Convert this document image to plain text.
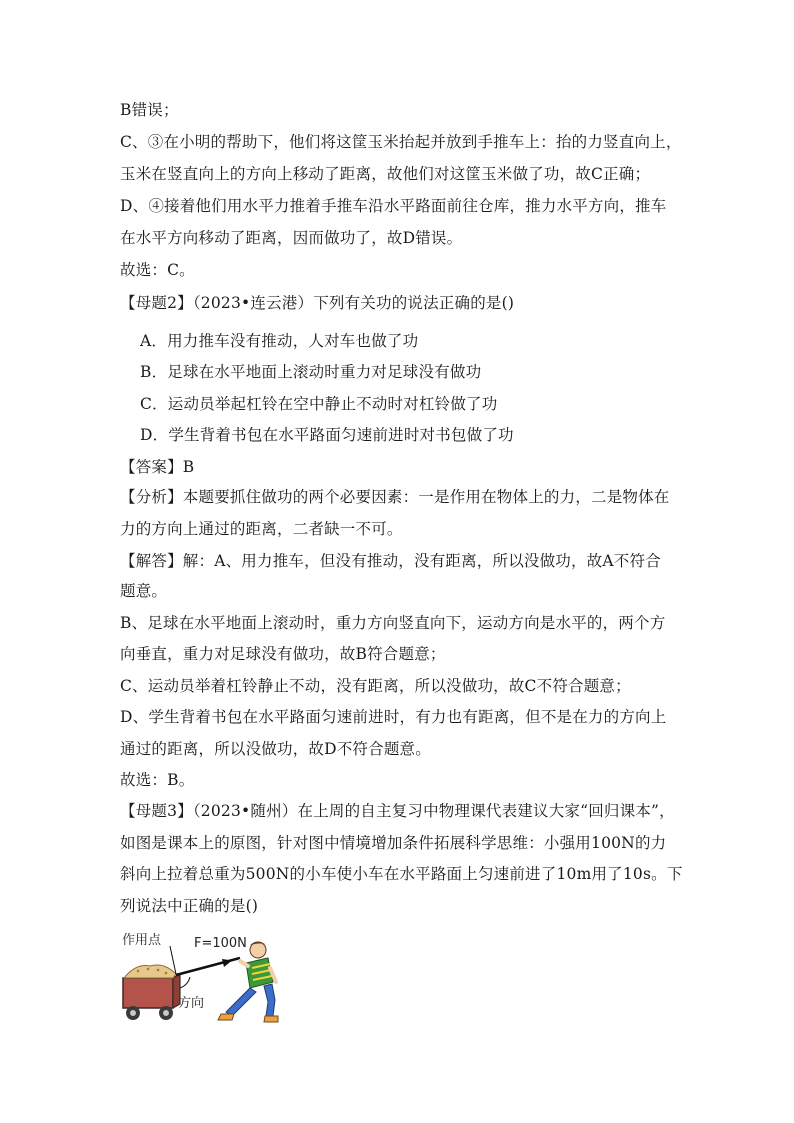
B错误；
C、③在小明的帮助下，他们将这筐玉米抬起并放到手推车上：抬的力竖直向上，
玉米在竖直向上的方向上移动了距离，故他们对这筐玉米做了功，故C正确；
D、④接着他们用水平力推着手推车沿水平路面前往仓库，推力水平方向，推车
在水平方向移动了距离，因而做功了，故D错误。
故选：C。
【母题2】（2023•连云港）下列有关功的说法正确的是()
A．用力推车没有推动，人对车也做了功
B．足球在水平地面上滚动时重力对足球没有做功
C．运动员举起杠铃在空中静止不动时对杠铃做了功
D．学生背着书包在水平路面匀速前进时对书包做了功
【答案】B
【分析】本题要抓住做功的两个必要因素：一是作用在物体上的力，二是物体在
力的方向上通过的距离，二者缺一不可。
【解答】解：A、用力推车，但没有推动，没有距离，所以没做功，故A不符合
题意。
B、足球在水平地面上滚动时，重力方向竖直向下，运动方向是水平的，两个方
向垂直，重力对足球没有做功，故B符合题意；
C、运动员举着杠铃静止不动，没有距离，所以没做功，故C不符合题意；
D、学生背着书包在水平路面匀速前进时，有力也有距离，但不是在力的方向上
通过的距离，所以没做功，故D不符合题意。
故选：B。
【母题3】（2023•随州）在上周的自主复习中物理课代表建议大家“回归课本”，
如图是课本上的原图，针对图中情境增加条件拓展科学思维：小强用100N的力
斜向上拉着总重为500N的小车使小车在水平路面上匀速前进了10m用了10s。下
列说法中正确的是()
作用点	F=100N
方向
